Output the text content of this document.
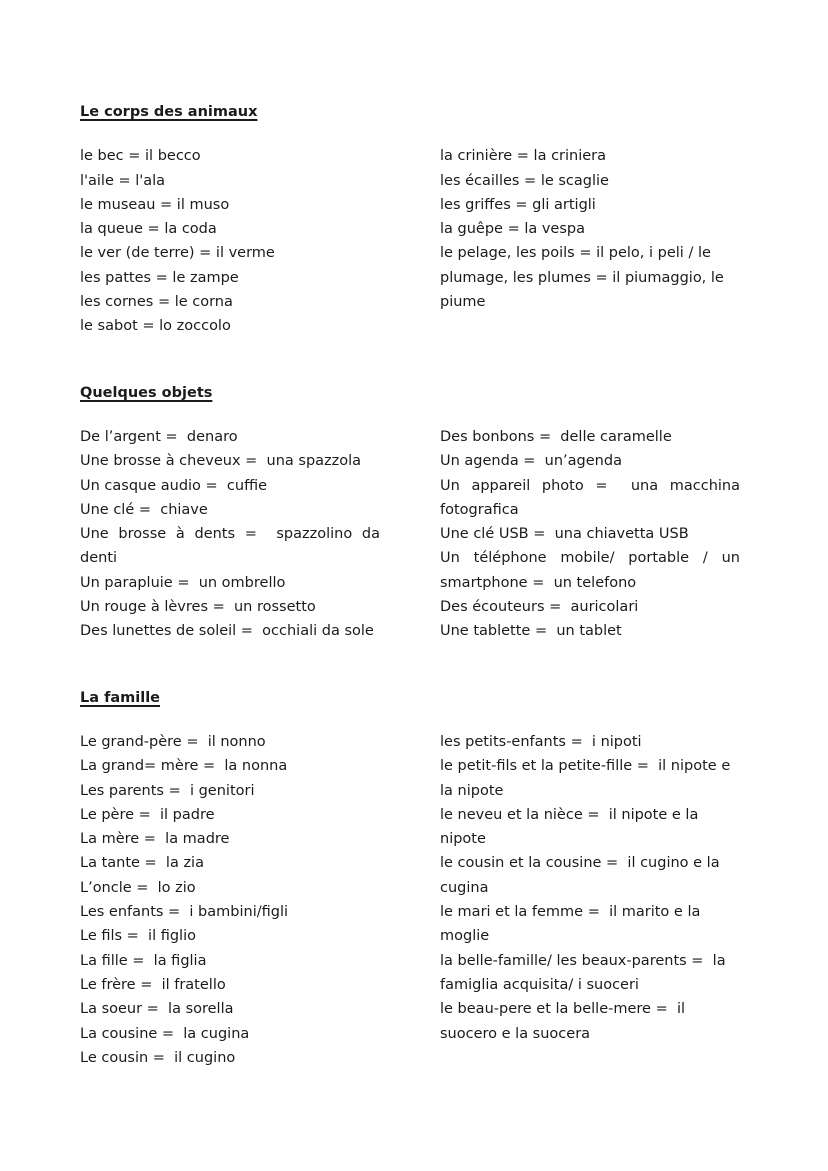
Le corps des animaux

le bec = il becco

l'aile = l'ala

le museau = il muso

la queue = la coda

le ver (de terre) = il verme

les pattes = le zampe

les cornes = le corna

le sabot = lo zoccolo

la crinière = la criniera

les écailles = le scaglie

les griffes = gli artigli

la guêpe = la vespa

le pelage, les poils = il pelo, i peli / le plumage, les plumes = il piumaggio, le piume

Quelques objets

De l’argent =  denaro

Une brosse à cheveux =  una spazzola

Un casque audio =  cuffie

Une clé =  chiave

Une brosse à dents =  spazzolino da denti

Un parapluie =  un ombrello

Un rouge à lèvres =  un rossetto

Des lunettes de soleil =  occhiali da sole

Des bonbons =  delle caramelle

Un agenda =  un’agenda

Un appareil photo =  una macchina fotografica

Une clé USB =  una chiavetta USB

Un téléphone mobile/ portable / un smartphone =  un telefono

Des écouteurs =  auricolari

Une tablette =  un tablet

La famille

Le grand-père =  il nonno

La grand= mère =  la nonna

Les parents =  i genitori

Le père =  il padre

La mère =  la madre

La tante =  la zia

L’oncle =  lo zio

Les enfants =  i bambini/figli

Le fils =  il figlio

La fille =  la figlia

Le frère =  il fratello

La soeur =  la sorella

La cousine =  la cugina

Le cousin =  il cugino

les petits-enfants =  i nipoti

le petit-fils et la petite-fille =  il nipote e la nipote

le neveu et la nièce =  il nipote e la nipote

le cousin et la cousine =  il cugino e la cugina

le mari et la femme =  il marito e la moglie

la belle-famille/ les beaux-parents =  la famiglia acquisita/ i suoceri

le beau-pere et la belle-mere =  il suocero e la suocera
